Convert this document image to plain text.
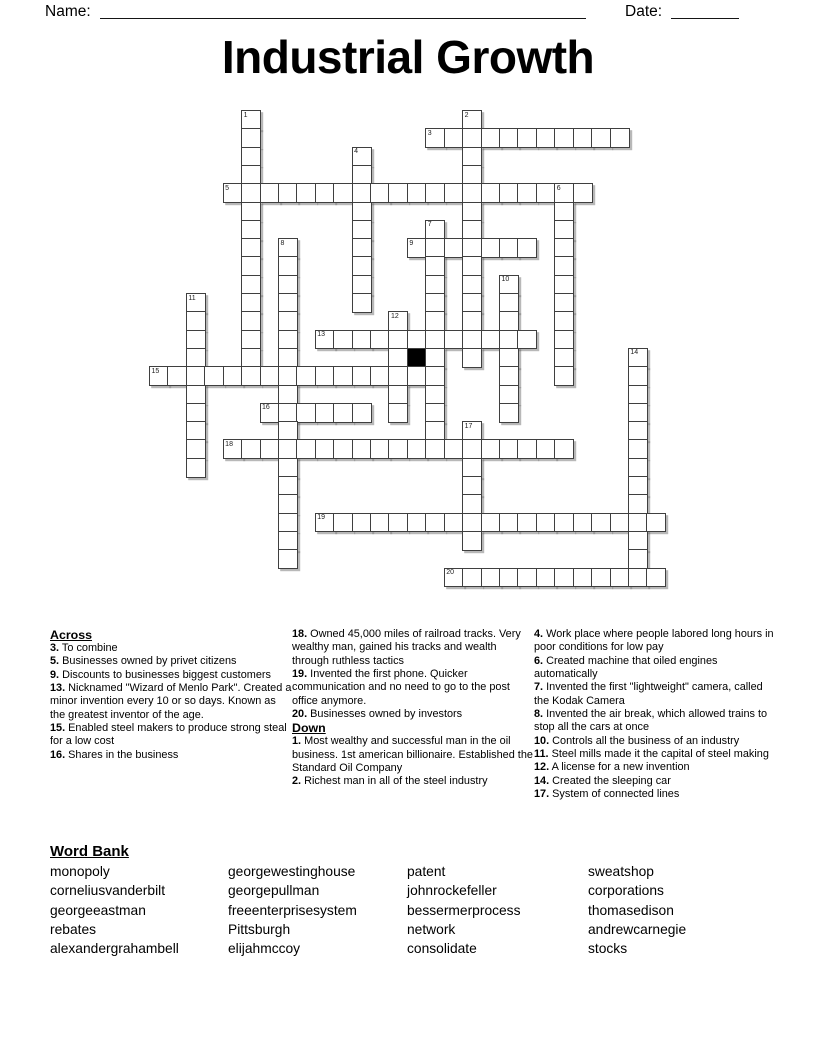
Name:	Date:
Industrial Growth
1	2
3
4
5	6
7
8	9
10
11
12
13
14
15
16
17
18
19
20
Across
3. To combine
5. Businesses owned by privet citizens
9. Discounts to businesses biggest customers
13. Nicknamed "Wizard of Menlo Park". Created a minor invention every 10 or so days. Known as the greatest inventor of the age.
15. Enabled steel makers to produce strong steal for a low cost
16. Shares in the business
18. Owned 45,000 miles of railroad tracks. Very wealthy man, gained his tracks and wealth through ruthless tactics
19. Invented the first phone. Quicker communication and no need to go to the post office anymore.
20. Businesses owned by investors
Down
1. Most wealthy and successful man in the oil business. 1st american billionaire. Established the Standard Oil Company
2. Richest man in all of the steel industry
4. Work place where people labored long hours in poor conditions for low pay
6. Created machine that oiled engines automatically
7. Invented the first "lightweight" camera, called the Kodak Camera
8. Invented the air break, which allowed trains to stop all the cars at once
10. Controls all the business of an industry
11. Steel mills made it the capital of steel making
12. A license for a new invention
14. Created the sleeping car
17. System of connected lines
Word Bank
monopoly
corneliusvanderbilt
georgeeastman
rebates
alexandergrahambell
georgewestinghouse
georgepullman
freeenterprisesystem
Pittsburgh
elijahmccoy
patent
johnrockefeller
bessermerprocess
network
consolidate
sweatshop
corporations
thomasedison
andrewcarnegie
stocks
